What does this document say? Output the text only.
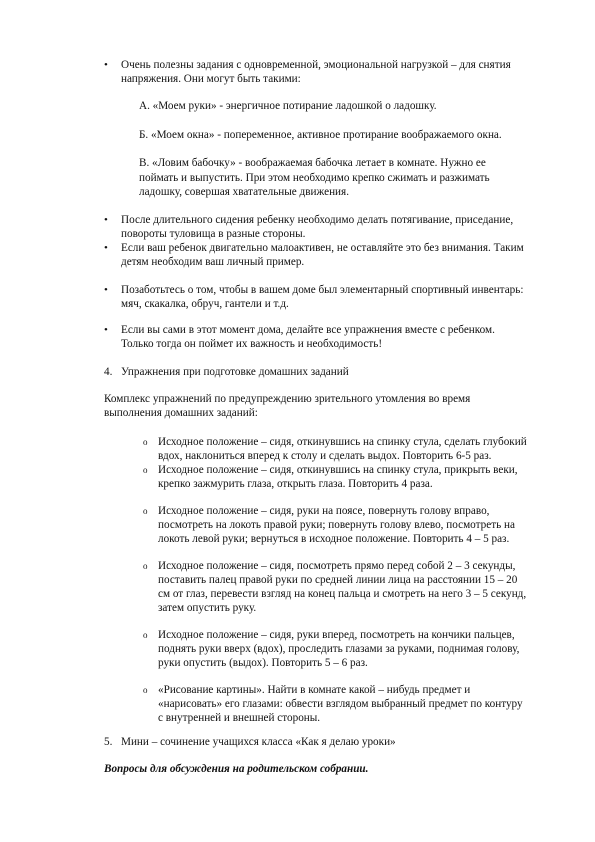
• Очень полезны задания с одновременной, эмоциональной нагрузкой – для снятия
напряжения. Они могут быть такими:
А. «Моем руки» - энергичное потирание ладошкой о ладошку.
Б. «Моем окна» - попеременное, активное протирание воображаемого окна.
В. «Ловим бабочку» - воображаемая бабочка летает в комнате. Нужно ее
поймать и выпустить. При этом необходимо крепко сжимать и разжимать
ладошку, совершая хватательные движения.
• После длительного сидения ребенку необходимо делать потягивание, приседание,
повороты туловища в разные стороны.
• Если ваш ребенок двигательно малоактивен, не оставляйте это без внимания. Таким
детям необходим ваш личный пример.
• Позаботьтесь о том, чтобы в вашем доме был элементарный спортивный инвентарь:
мяч, скакалка, обруч, гантели и т.д.
• Если вы сами в этот момент дома, делайте все упражнения вместе с ребенком.
Только тогда он поймет их важность и необходимость!
4. Упражнения при подготовке домашних заданий
Комплекс упражнений по предупреждению зрительного утомления во время
выполнения домашних заданий:
o Исходное положение – сидя, откинувшись на спинку стула, сделать глубокий
вдох, наклониться вперед к столу и сделать выдох. Повторить 6-5 раз.
o Исходное положение – сидя, откинувшись на спинку стула, прикрыть веки,
крепко зажмурить глаза, открыть глаза. Повторить 4 раза.
o Исходное положение – сидя, руки на поясе, повернуть голову вправо,
посмотреть на локоть правой руки; повернуть голову влево, посмотреть на
локоть левой руки; вернуться в исходное положение. Повторить 4 – 5 раз.
o Исходное положение – сидя, посмотреть прямо перед собой 2 – 3 секунды,
поставить палец правой руки по средней линии лица на расстоянии 15 – 20
см от глаз, перевести взгляд на конец пальца и смотреть на него 3 – 5 секунд,
затем опустить руку.
o Исходное положение – сидя, руки вперед, посмотреть на кончики пальцев,
поднять руки вверх (вдох), проследить глазами за руками, поднимая голову,
руки опустить (выдох). Повторить 5 – 6 раз.
o «Рисование картины». Найти в комнате какой – нибудь предмет и
«нарисовать» его глазами: обвести взглядом выбранный предмет по контуру
с внутренней и внешней стороны.
5. Мини – сочинение учащихся класса «Как я делаю уроки»
Вопросы для обсуждения на родительском собрании.
